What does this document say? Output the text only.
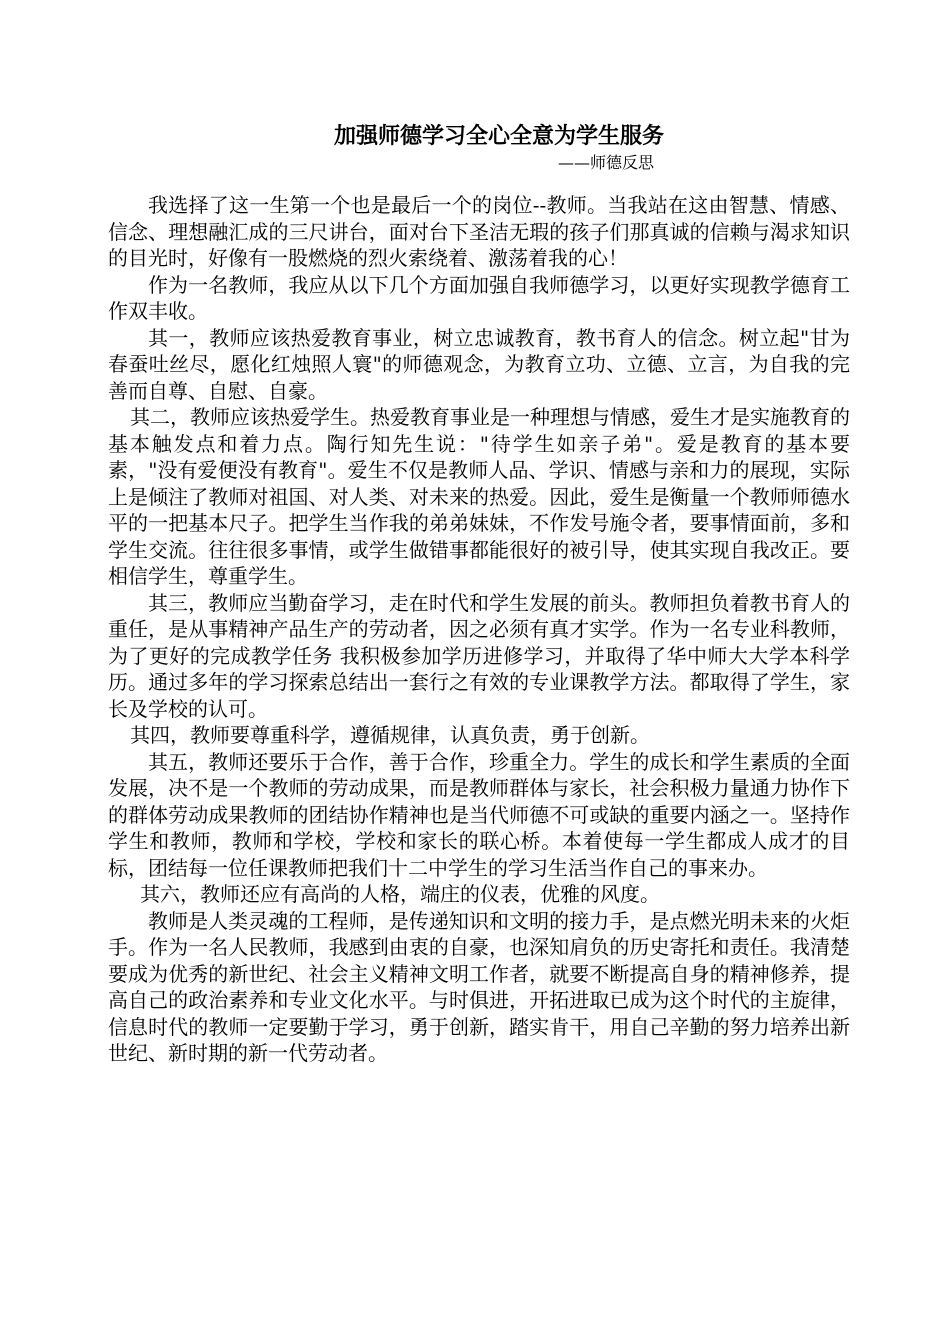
加强师德学习全心全意为学生服务

——师德反思

我选择了这一生第一个也是最后一个的岗位--教师。当我站在这由智慧、情感、信念、理想融汇成的三尺讲台，面对台下圣洁无瑕的孩子们那真诚的信赖与渴求知识的目光时，好像有一股燃烧的烈火索绕着、激荡着我的心！

作为一名教师，我应从以下几个方面加强自我师德学习，以更好实现教学德育工作双丰收。

其一，教师应该热爱教育事业，树立忠诚教育，教书育人的信念。树立起"甘为春蚕吐丝尽，愿化红烛照人寰"的师德观念，为教育立功、立德、立言，为自我的完善而自尊、自慰、自豪。

其二，教师应该热爱学生。热爱教育事业是一种理想与情感，爱生才是实施教育的基本触发点和着力点。陶行知先生说："待学生如亲子弟"。爱是教育的基本要素，"没有爱便没有教育"。爱生不仅是教师人品、学识、情感与亲和力的展现，实际上是倾注了教师对祖国、对人类、对未来的热爱。因此，爱生是衡量一个教师师德水平的一把基本尺子。把学生当作我的弟弟妹妹，不作发号施令者，要事情面前，多和学生交流。往往很多事情，或学生做错事都能很好的被引导，使其实现自我改正。要相信学生，尊重学生。

其三，教师应当勤奋学习，走在时代和学生发展的前头。教师担负着教书育人的重任，是从事精神产品生产的劳动者，因之必须有真才实学。作为一名专业科教师，为了更好的完成教学任务 我积极参加学历进修学习，并取得了华中师大大学本科学历。通过多年的学习探索总结出一套行之有效的专业课教学方法。都取得了学生，家长及学校的认可。

其四，教师要尊重科学，遵循规律，认真负责，勇于创新。

其五，教师还要乐于合作，善于合作，珍重全力。学生的成长和学生素质的全面发展，决不是一个教师的劳动成果，而是教师群体与家长，社会积极力量通力协作下的群体劳动成果教师的团结协作精神也是当代师德不可或缺的重要内涵之一。坚持作学生和教师，教师和学校，学校和家长的联心桥。本着使每一学生都成人成才的目标，团结每一位任课教师把我们十二中学生的学习生活当作自己的事来办。

其六，教师还应有高尚的人格，端庄的仪表，优雅的风度。

教师是人类灵魂的工程师，是传递知识和文明的接力手，是点燃光明未来的火炬手。作为一名人民教师，我感到由衷的自豪，也深知肩负的历史寄托和责任。我清楚要成为优秀的新世纪、社会主义精神文明工作者，就要不断提高自身的精神修养，提高自己的政治素养和专业文化水平。与时俱进，开拓进取已成为这个时代的主旋律，信息时代的教师一定要勤于学习，勇于创新，踏实肯干，用自己辛勤的努力培养出新世纪、新时期的新一代劳动者。
